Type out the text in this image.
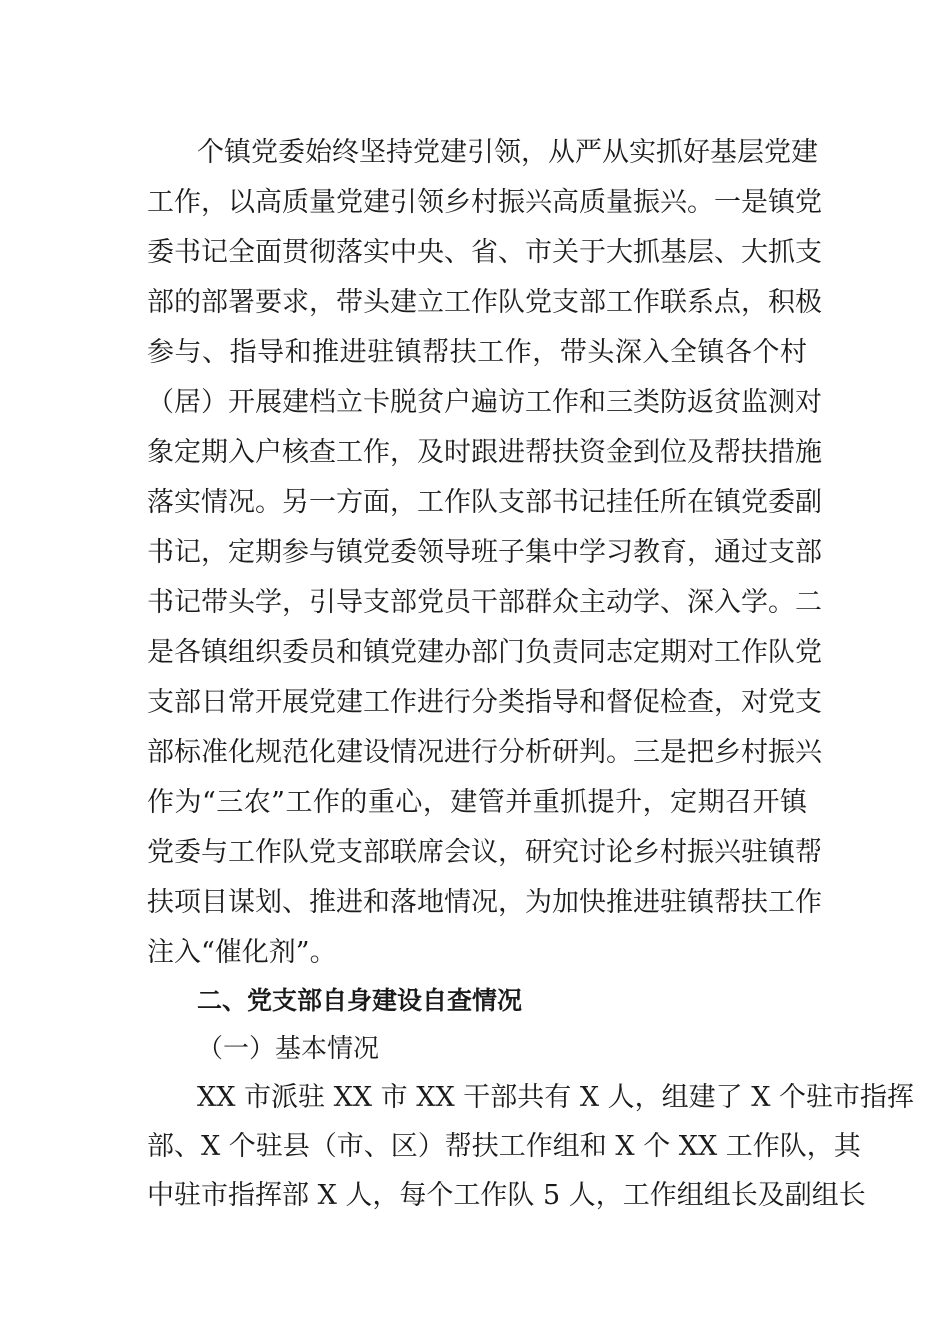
个镇党委始终坚持党建引领，从严从实抓好基层党建
工作，以高质量党建引领乡村振兴高质量振兴。一是镇党
委书记全面贯彻落实中央、省、市关于大抓基层、大抓支
部的部署要求，带头建立工作队党支部工作联系点，积极
参与、指导和推进驻镇帮扶工作，带头深入全镇各个村
（居）开展建档立卡脱贫户遍访工作和三类防返贫监测对
象定期入户核查工作，及时跟进帮扶资金到位及帮扶措施
落实情况。另一方面，工作队支部书记挂任所在镇党委副
书记，定期参与镇党委领导班子集中学习教育，通过支部
书记带头学，引导支部党员干部群众主动学、深入学。二
是各镇组织委员和镇党建办部门负责同志定期对工作队党
支部日常开展党建工作进行分类指导和督促检查，对党支
部标准化规范化建设情况进行分析研判。三是把乡村振兴
作为“三农”工作的重心，建管并重抓提升，定期召开镇
党委与工作队党支部联席会议，研究讨论乡村振兴驻镇帮
扶项目谋划、推进和落地情况，为加快推进驻镇帮扶工作
注入“催化剂”。
二、党支部自身建设自查情况
（一）基本情况
XX 市派驻 XX 市 XX 干部共有 X 人，组建了 X 个驻市指挥
部、X 个驻县（市、区）帮扶工作组和 X 个 XX 工作队，其
中驻市指挥部 X 人，每个工作队 5 人，工作组组长及副组长
